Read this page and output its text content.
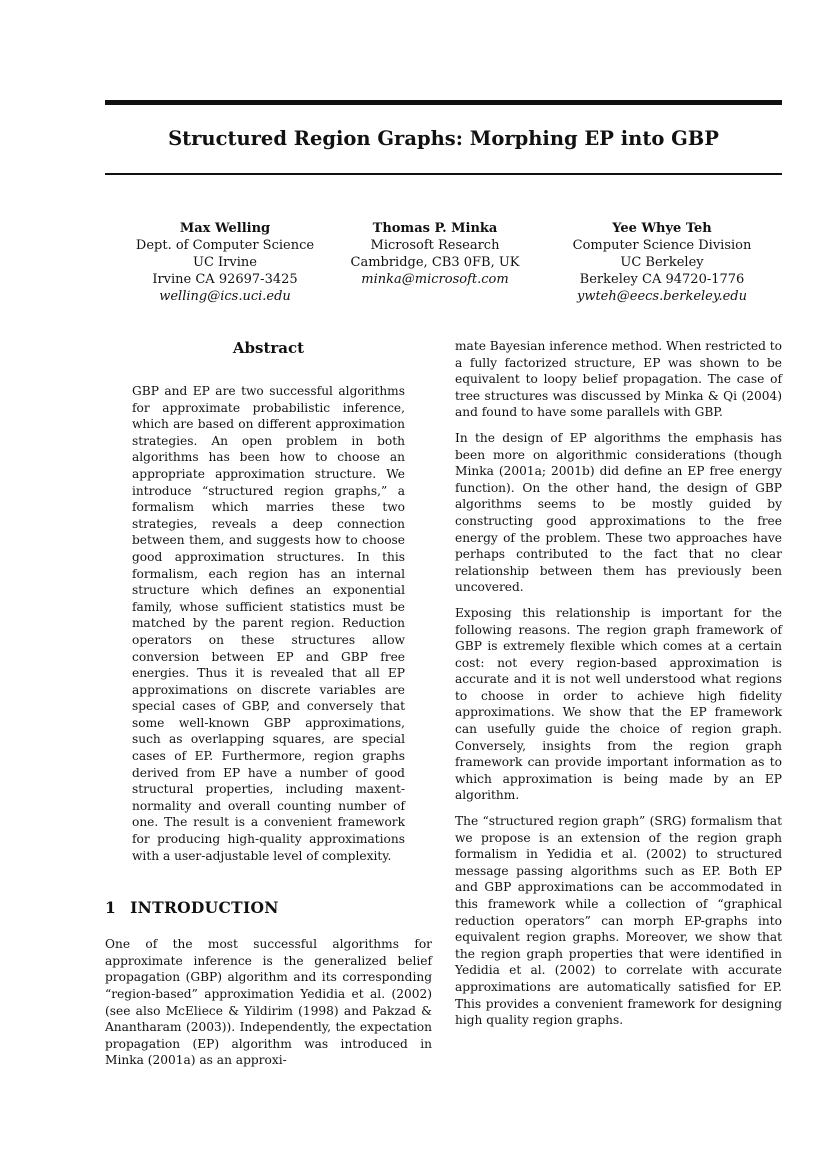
Structured Region Graphs: Morphing EP into GBP
Max Welling
Dept. of Computer Science
UC Irvine
Irvine CA 92697-3425
welling@ics.uci.edu
Thomas P. Minka
Microsoft Research
Cambridge, CB3 0FB, UK
minka@microsoft.com
Yee Whye Teh
Computer Science Division
UC Berkeley
Berkeley CA 94720-1776
ywteh@eecs.berkeley.edu
Abstract

GBP and EP are two successful algorithms for approximate probabilistic inference, which are based on different approximation strategies. An open problem in both algorithms has been how to choose an appropriate approximation structure. We introduce “structured region graphs,” a formalism which marries these two strategies, reveals a deep connection between them, and suggests how to choose good approximation structures. In this formalism, each region has an internal structure which defines an exponential family, whose sufficient statistics must be matched by the parent region. Reduction operators on these structures allow conversion between EP and GBP free energies. Thus it is revealed that all EP approximations on discrete variables are special cases of GBP, and conversely that some well-known GBP approximations, such as overlapping squares, are special cases of EP. Furthermore, region graphs derived from EP have a number of good structural properties, including maxent-normality and overall counting number of one. The result is a convenient framework for producing high-quality approximations with a user-adjustable level of complexity.

1 INTRODUCTION

One of the most successful algorithms for approximate inference is the generalized belief propagation (GBP) algorithm and its corresponding “region-based” approximation Yedidia et al. (2002) (see also McEliece & Yildirim (1998) and Pakzad & Anantharam (2003)). Independently, the expectation propagation (EP) algorithm was introduced in Minka (2001a) as an approxi-

mate Bayesian inference method. When restricted to a fully factorized structure, EP was shown to be equivalent to loopy belief propagation. The case of tree structures was discussed by Minka & Qi (2004) and found to have some parallels with GBP.

In the design of EP algorithms the emphasis has been more on algorithmic considerations (though Minka (2001a; 2001b) did define an EP free energy function). On the other hand, the design of GBP algorithms seems to be mostly guided by constructing good approximations to the free energy of the problem. These two approaches have perhaps contributed to the fact that no clear relationship between them has previously been uncovered.

Exposing this relationship is important for the following reasons. The region graph framework of GBP is extremely flexible which comes at a certain cost: not every region-based approximation is accurate and it is not well understood what regions to choose in order to achieve high fidelity approximations. We show that the EP framework can usefully guide the choice of region graph. Conversely, insights from the region graph framework can provide important information as to which approximation is being made by an EP algorithm.

The “structured region graph” (SRG) formalism that we propose is an extension of the region graph formalism in Yedidia et al. (2002) to structured message passing algorithms such as EP. Both EP and GBP approximations can be accommodated in this framework while a collection of “graphical reduction operators” can morph EP-graphs into equivalent region graphs. Moreover, we show that the region graph properties that were identified in Yedidia et al. (2002) to correlate with accurate approximations are automatically satisfied for EP. This provides a convenient framework for designing high quality region graphs.
